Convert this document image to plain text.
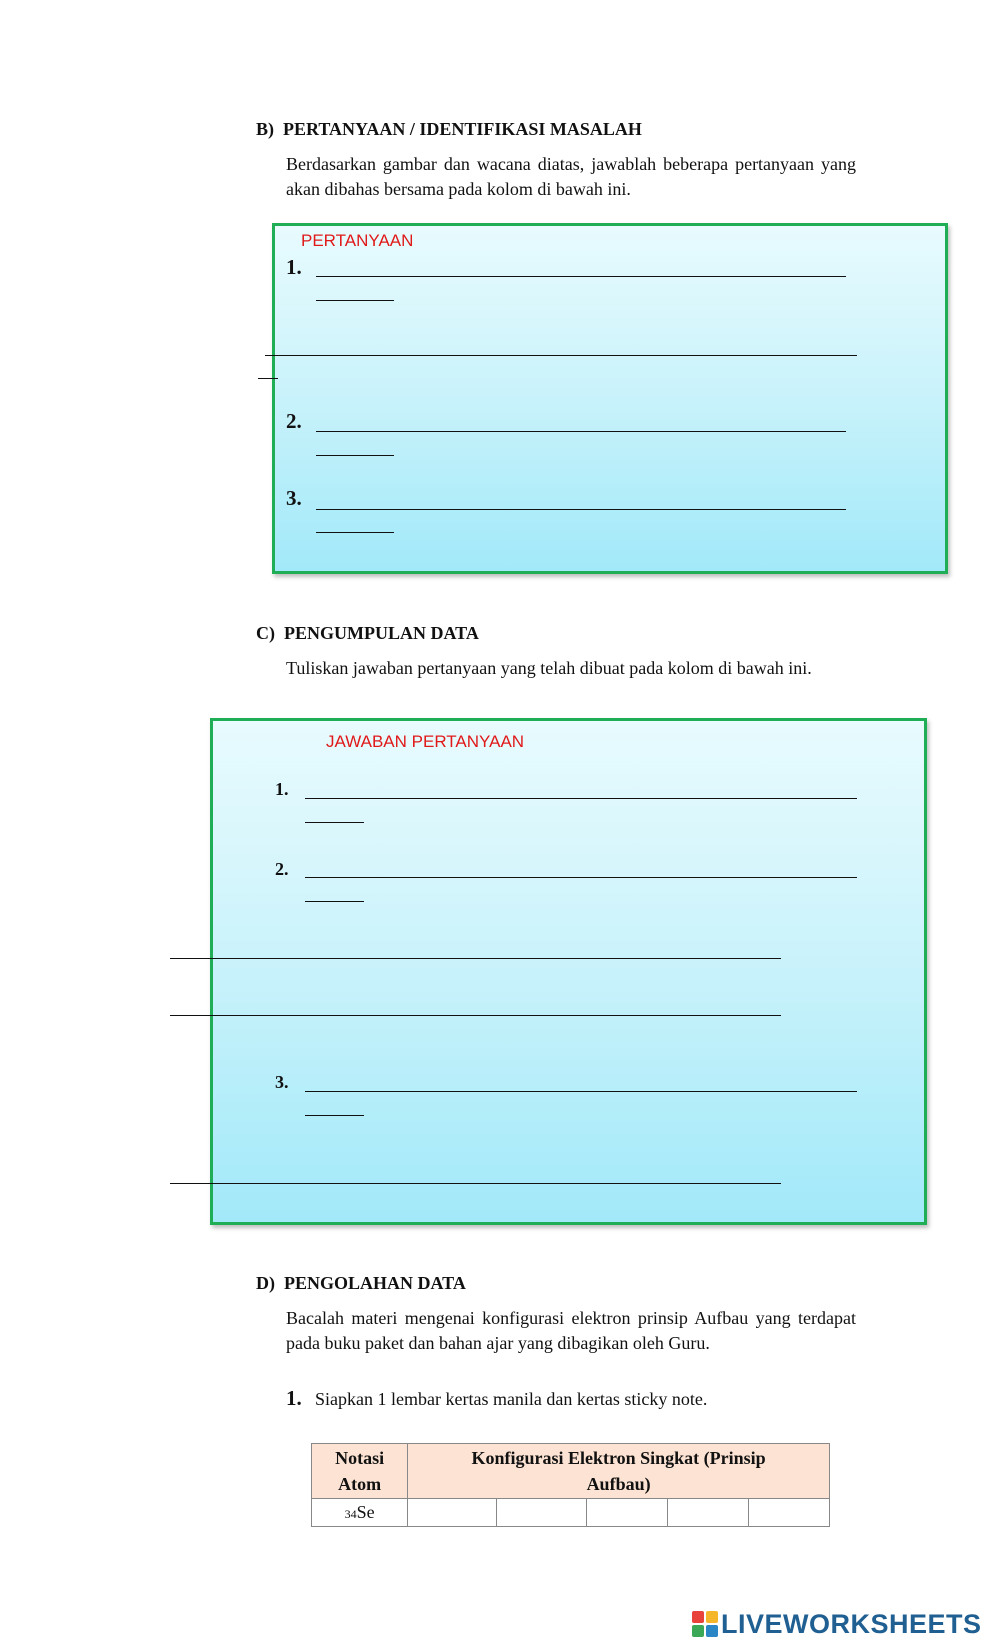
B)  PERTANYAAN / IDENTIFIKASI MASALAH
Berdasarkan gambar dan wacana diatas, jawablah beberapa pertanyaan yang akan dibahas bersama pada kolom di bawah ini.
PERTANYAAN
1.
2.
3.
C)  PENGUMPULAN DATA
Tuliskan jawaban pertanyaan yang telah dibuat pada kolom di bawah ini.
JAWABAN PERTANYAAN
1.
2.
3.
D)  PENGOLAHAN DATA
Bacalah materi mengenai konfigurasi elektron prinsip Aufbau yang terdapat pada buku paket dan bahan ajar yang dibagikan oleh Guru.
1. Siapkan 1 lembar kertas manila dan kertas sticky note.
Notasi Atom	Konfigurasi Elektron Singkat (Prinsip Aufbau)				

34Se					
LIVEWORKSHEETS
